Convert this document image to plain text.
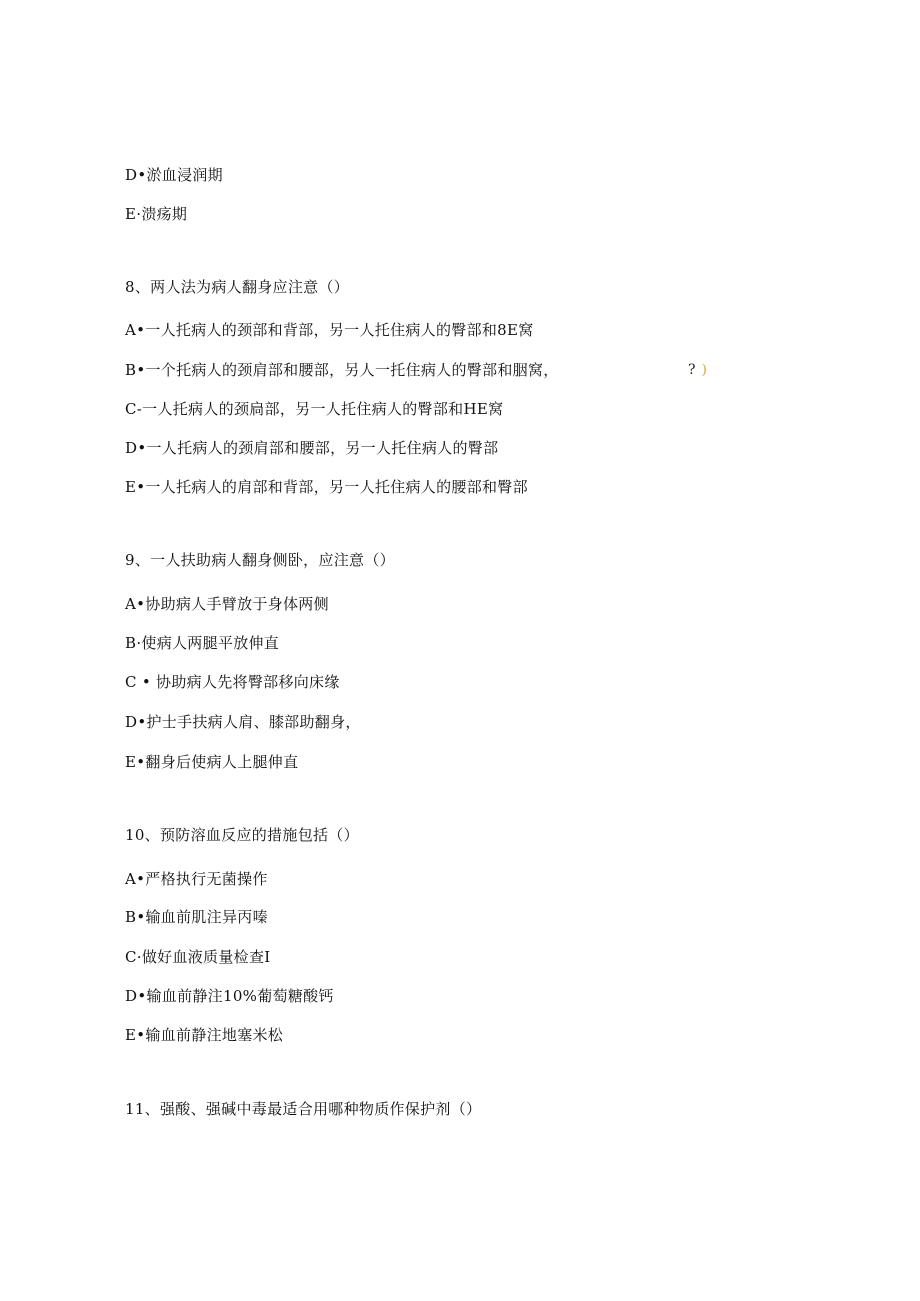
D•淤血浸润期
E·溃疡期
8、两人法为病人翻身应注意（）
A•一人托病人的颈部和背部，另一人托住病人的臀部和8E窝
B•一个托病人的颈肩部和腰部，另人一托住病人的臀部和胭窝，	? )
C-一人托病人的颈扃部，另一人托住病人的臀部和HE窝
D•一人托病人的颈肩部和腰部，另一人托住病人的臀部
E•一人托病人的肩部和背部，另一人托住病人的腰部和臀部
9、一人扶助病人翻身侧卧，应注意（）
A•协助病人手臂放于身体两侧
B·使病人两腿平放伸直
C • 协助病人先将臀部移向床缘
D•护士手扶病人肩、膝部助翻身，
E•翻身后使病人上腿伸直
10、预防溶血反应的措施包括（）
A•严格执行无菌操作
B•输血前肌注异丙嗪
C·做好血液质量检查I
D•输血前静注10%葡萄糖酸钙
E•输血前静注地塞米松
11、强酸、强碱中毒最适合用哪种物质作保护剂（）
